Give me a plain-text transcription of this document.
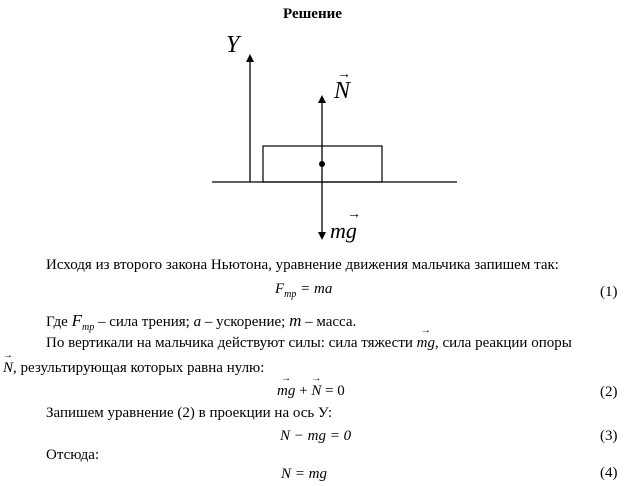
Решение
Y
N
→
mg
→
Исходя из второго закона Ньютона, уравнение движения мальчика запишем так:
$F_{тр}$ = ma	(1)
Где $F_{тр}$ – сила трения; a – ускорение; m – масса.
По вертикали на мальчика действуют силы: сила тяжести → mg, сила реакции опоры
→ N, результирующая которых равна нулю:
→ mg + → N = 0	(2)
Запишем уравнение (2) в проекции на ось У:
N − mg = 0	(3)
Отсюда:
N = mg	(4)
